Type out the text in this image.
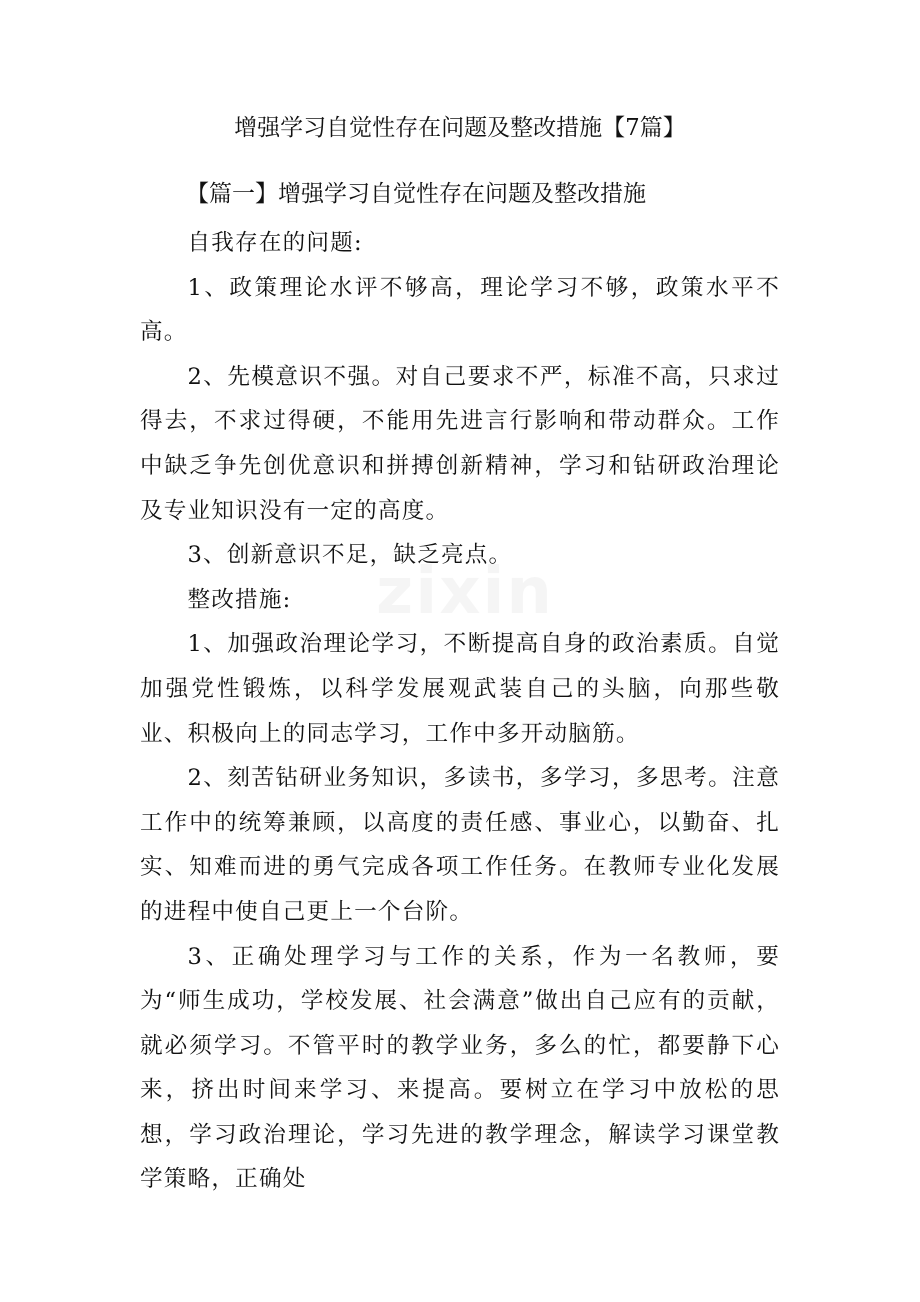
增强学习自觉性存在问题及整改措施【7篇】
【篇一】增强学习自觉性存在问题及整改措施

自我存在的问题:

1、政策理论水评不够高，理论学习不够，政策水平不高。

2、先模意识不强。对自己要求不严，标准不高，只求过得去，不求过得硬，不能用先进言行影响和带动群众。工作中缺乏争先创优意识和拼搏创新精神，学习和钻研政治理论及专业知识没有一定的高度。

3、创新意识不足，缺乏亮点。

整改措施:

1、加强政治理论学习，不断提高自身的政治素质。自觉加强党性锻炼，以科学发展观武装自己的头脑，向那些敬业、积极向上的同志学习，工作中多开动脑筋。

2、刻苦钻研业务知识，多读书，多学习，多思考。注意工作中的统筹兼顾，以高度的责任感、事业心，以勤奋、扎实、知难而进的勇气完成各项工作任务。在教师专业化发展的进程中使自己更上一个台阶。

3、正确处理学习与工作的关系，作为一名教师，要为“师生成功，学校发展、社会满意”做出自己应有的贡献，就必须学习。不管平时的教学业务，多么的忙，都要静下心来，挤出时间来学习、来提高。要树立在学习中放松的思想，学习政治理论，学习先进的教学理念，解读学习课堂教学策略，正确处
